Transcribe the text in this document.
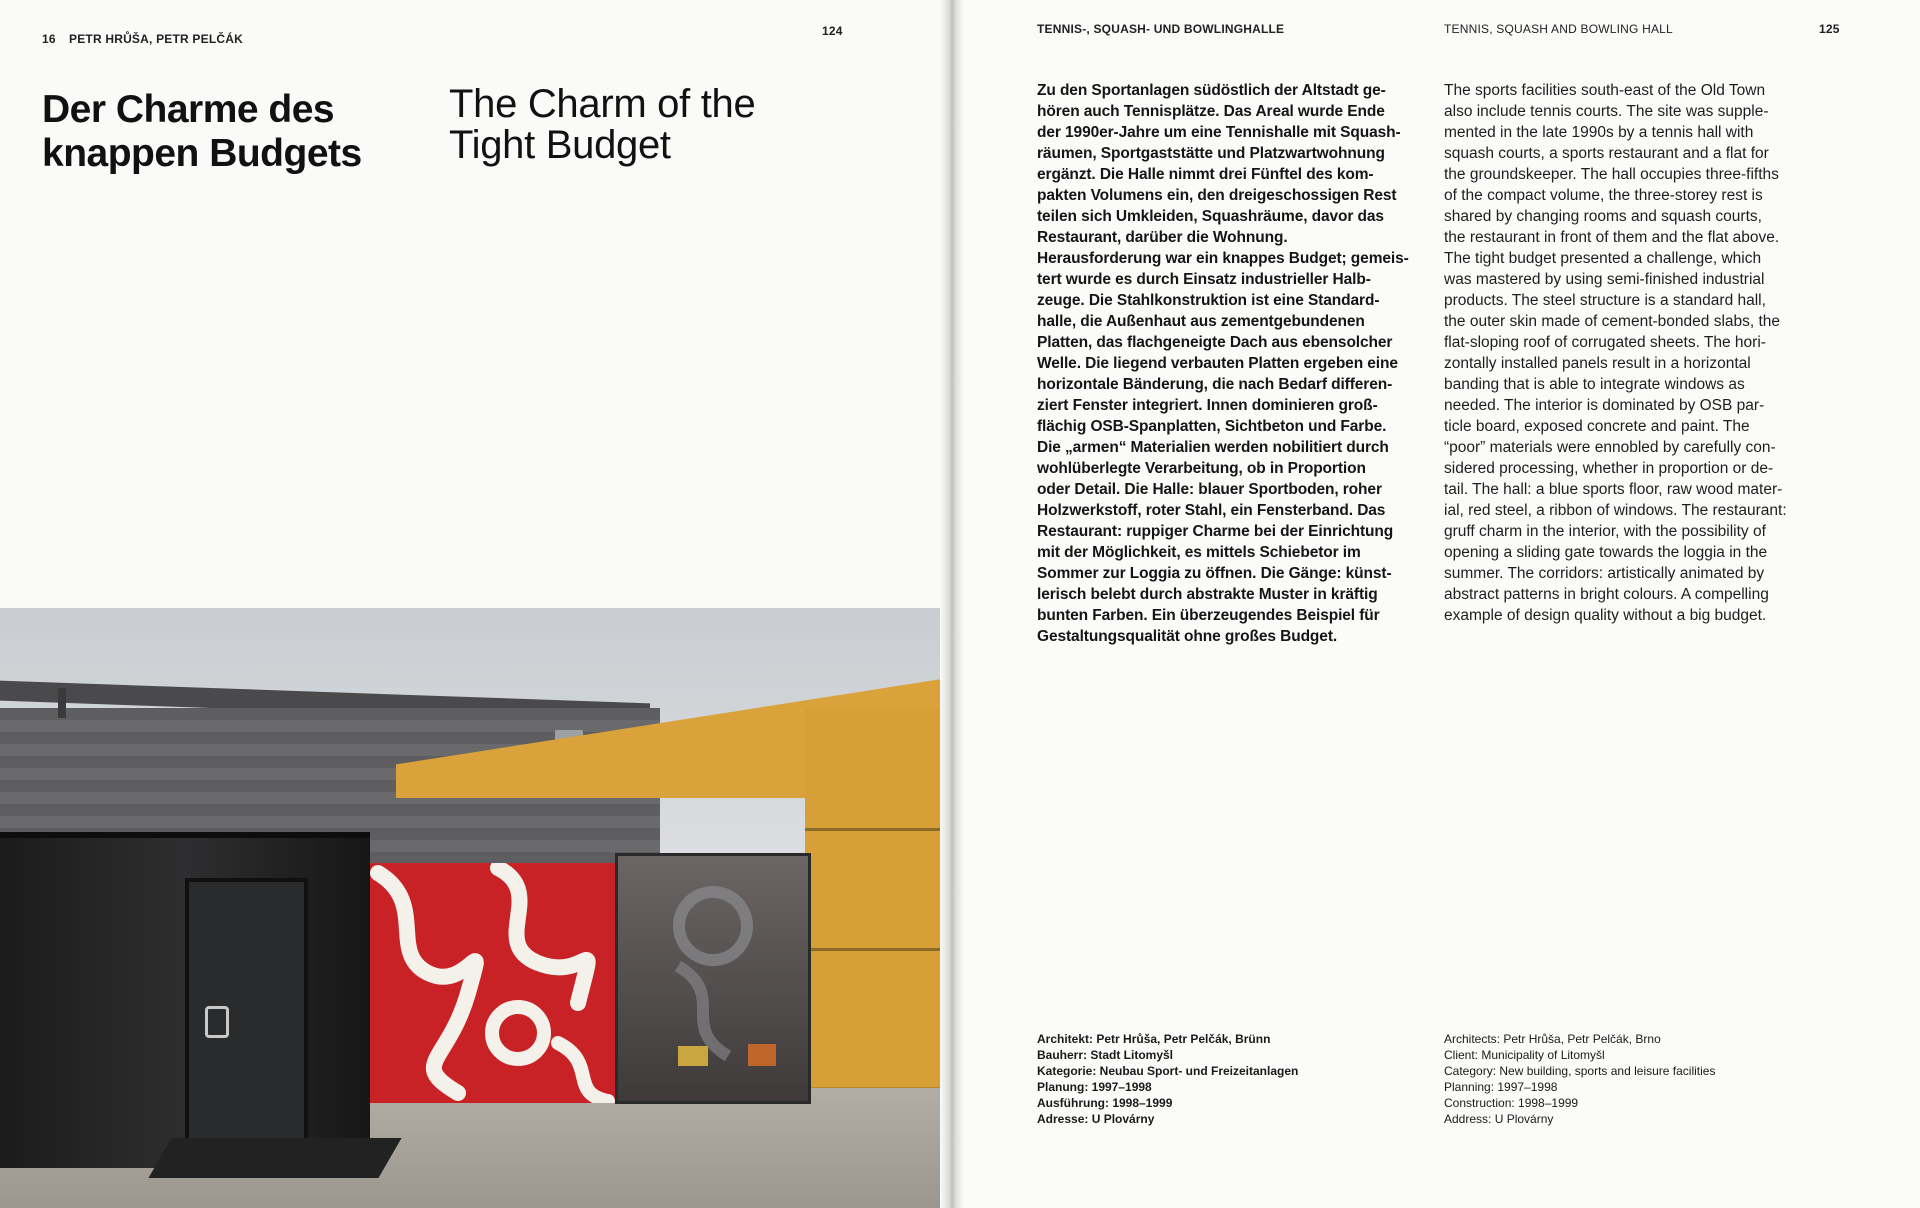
16 PETR HRŮŠA, PETR PELČÁK
124
Der Charme des knappen Budgets
The Charm of the Tight Budget
TENNIS-, SQUASH- UND BOWLINGHALLE	TENNIS, SQUASH AND BOWLING HALL	125
Zu den Sportanlagen südöstlich der Altstadt ge-
hören auch Tennisplätze. Das Areal wurde Ende
der 1990er-Jahre um eine Tennishalle mit Squash-
räumen, Sportgaststätte und Platzwartwohnung
ergänzt. Die Halle nimmt drei Fünftel des kom-
pakten Volumens ein, den dreigeschossigen Rest
teilen sich Umkleiden, Squashräume, davor das
Restaurant, darüber die Wohnung.
Herausforderung war ein knappes Budget; gemeis-
tert wurde es durch Einsatz industrieller Halb-
zeuge. Die Stahlkonstruktion ist eine Standard-
halle, die Außenhaut aus zementgebundenen
Platten, das flachgeneigte Dach aus ebensolcher
Welle. Die liegend verbauten Platten ergeben eine
horizontale Bänderung, die nach Bedarf differen-
ziert Fenster integriert. Innen dominieren groß-
flächig OSB-Spanplatten, Sichtbeton und Farbe.
Die „armen“ Materialien werden nobilitiert durch
wohlüberlegte Verarbeitung, ob in Proportion
oder Detail. Die Halle: blauer Sportboden, roher
Holzwerkstoff, roter Stahl, ein Fensterband. Das
Restaurant: ruppiger Charme bei der Einrichtung
mit der Möglichkeit, es mittels Schiebetor im
Sommer zur Loggia zu öffnen. Die Gänge: künst-
lerisch belebt durch abstrakte Muster in kräftig
bunten Farben. Ein überzeugendes Beispiel für
Gestaltungsqualität ohne großes Budget.
The sports facilities south-east of the Old Town
also include tennis courts. The site was supple-
mented in the late 1990s by a tennis hall with
squash courts, a sports restaurant and a flat for
the groundskeeper. The hall occupies three-fifths
of the compact volume, the three-storey rest is
shared by changing rooms and squash courts,
the restaurant in front of them and the flat above.
The tight budget presented a challenge, which
was mastered by using semi-finished industrial
products. The steel structure is a standard hall,
the outer skin made of cement-bonded slabs, the
flat-sloping roof of corrugated sheets. The hori-
zontally installed panels result in a horizontal
banding that is able to integrate windows as
needed. The interior is dominated by OSB par-
ticle board, exposed concrete and paint. The
“poor” materials were ennobled by carefully con-
sidered processing, whether in proportion or de-
tail. The hall: a blue sports floor, raw wood mater-
ial, red steel, a ribbon of windows. The restaurant:
gruff charm in the interior, with the possibility of
opening a sliding gate towards the loggia in the
summer. The corridors: artistically animated by
abstract patterns in bright colours. A compelling
example of design quality without a big budget.
Architekt: Petr Hrůša, Petr Pelčák, Brünn
Bauherr: Stadt Litomyšl
Kategorie: Neubau Sport- und Freizeitanlagen
Planung: 1997–1998
Ausführung: 1998–1999
Adresse: U Plovárny
Architects: Petr Hrůša, Petr Pelčák, Brno
Client: Municipality of Litomyšl
Category: New building, sports and leisure facilities
Planning: 1997–1998
Construction: 1998–1999
Address: U Plovárny
